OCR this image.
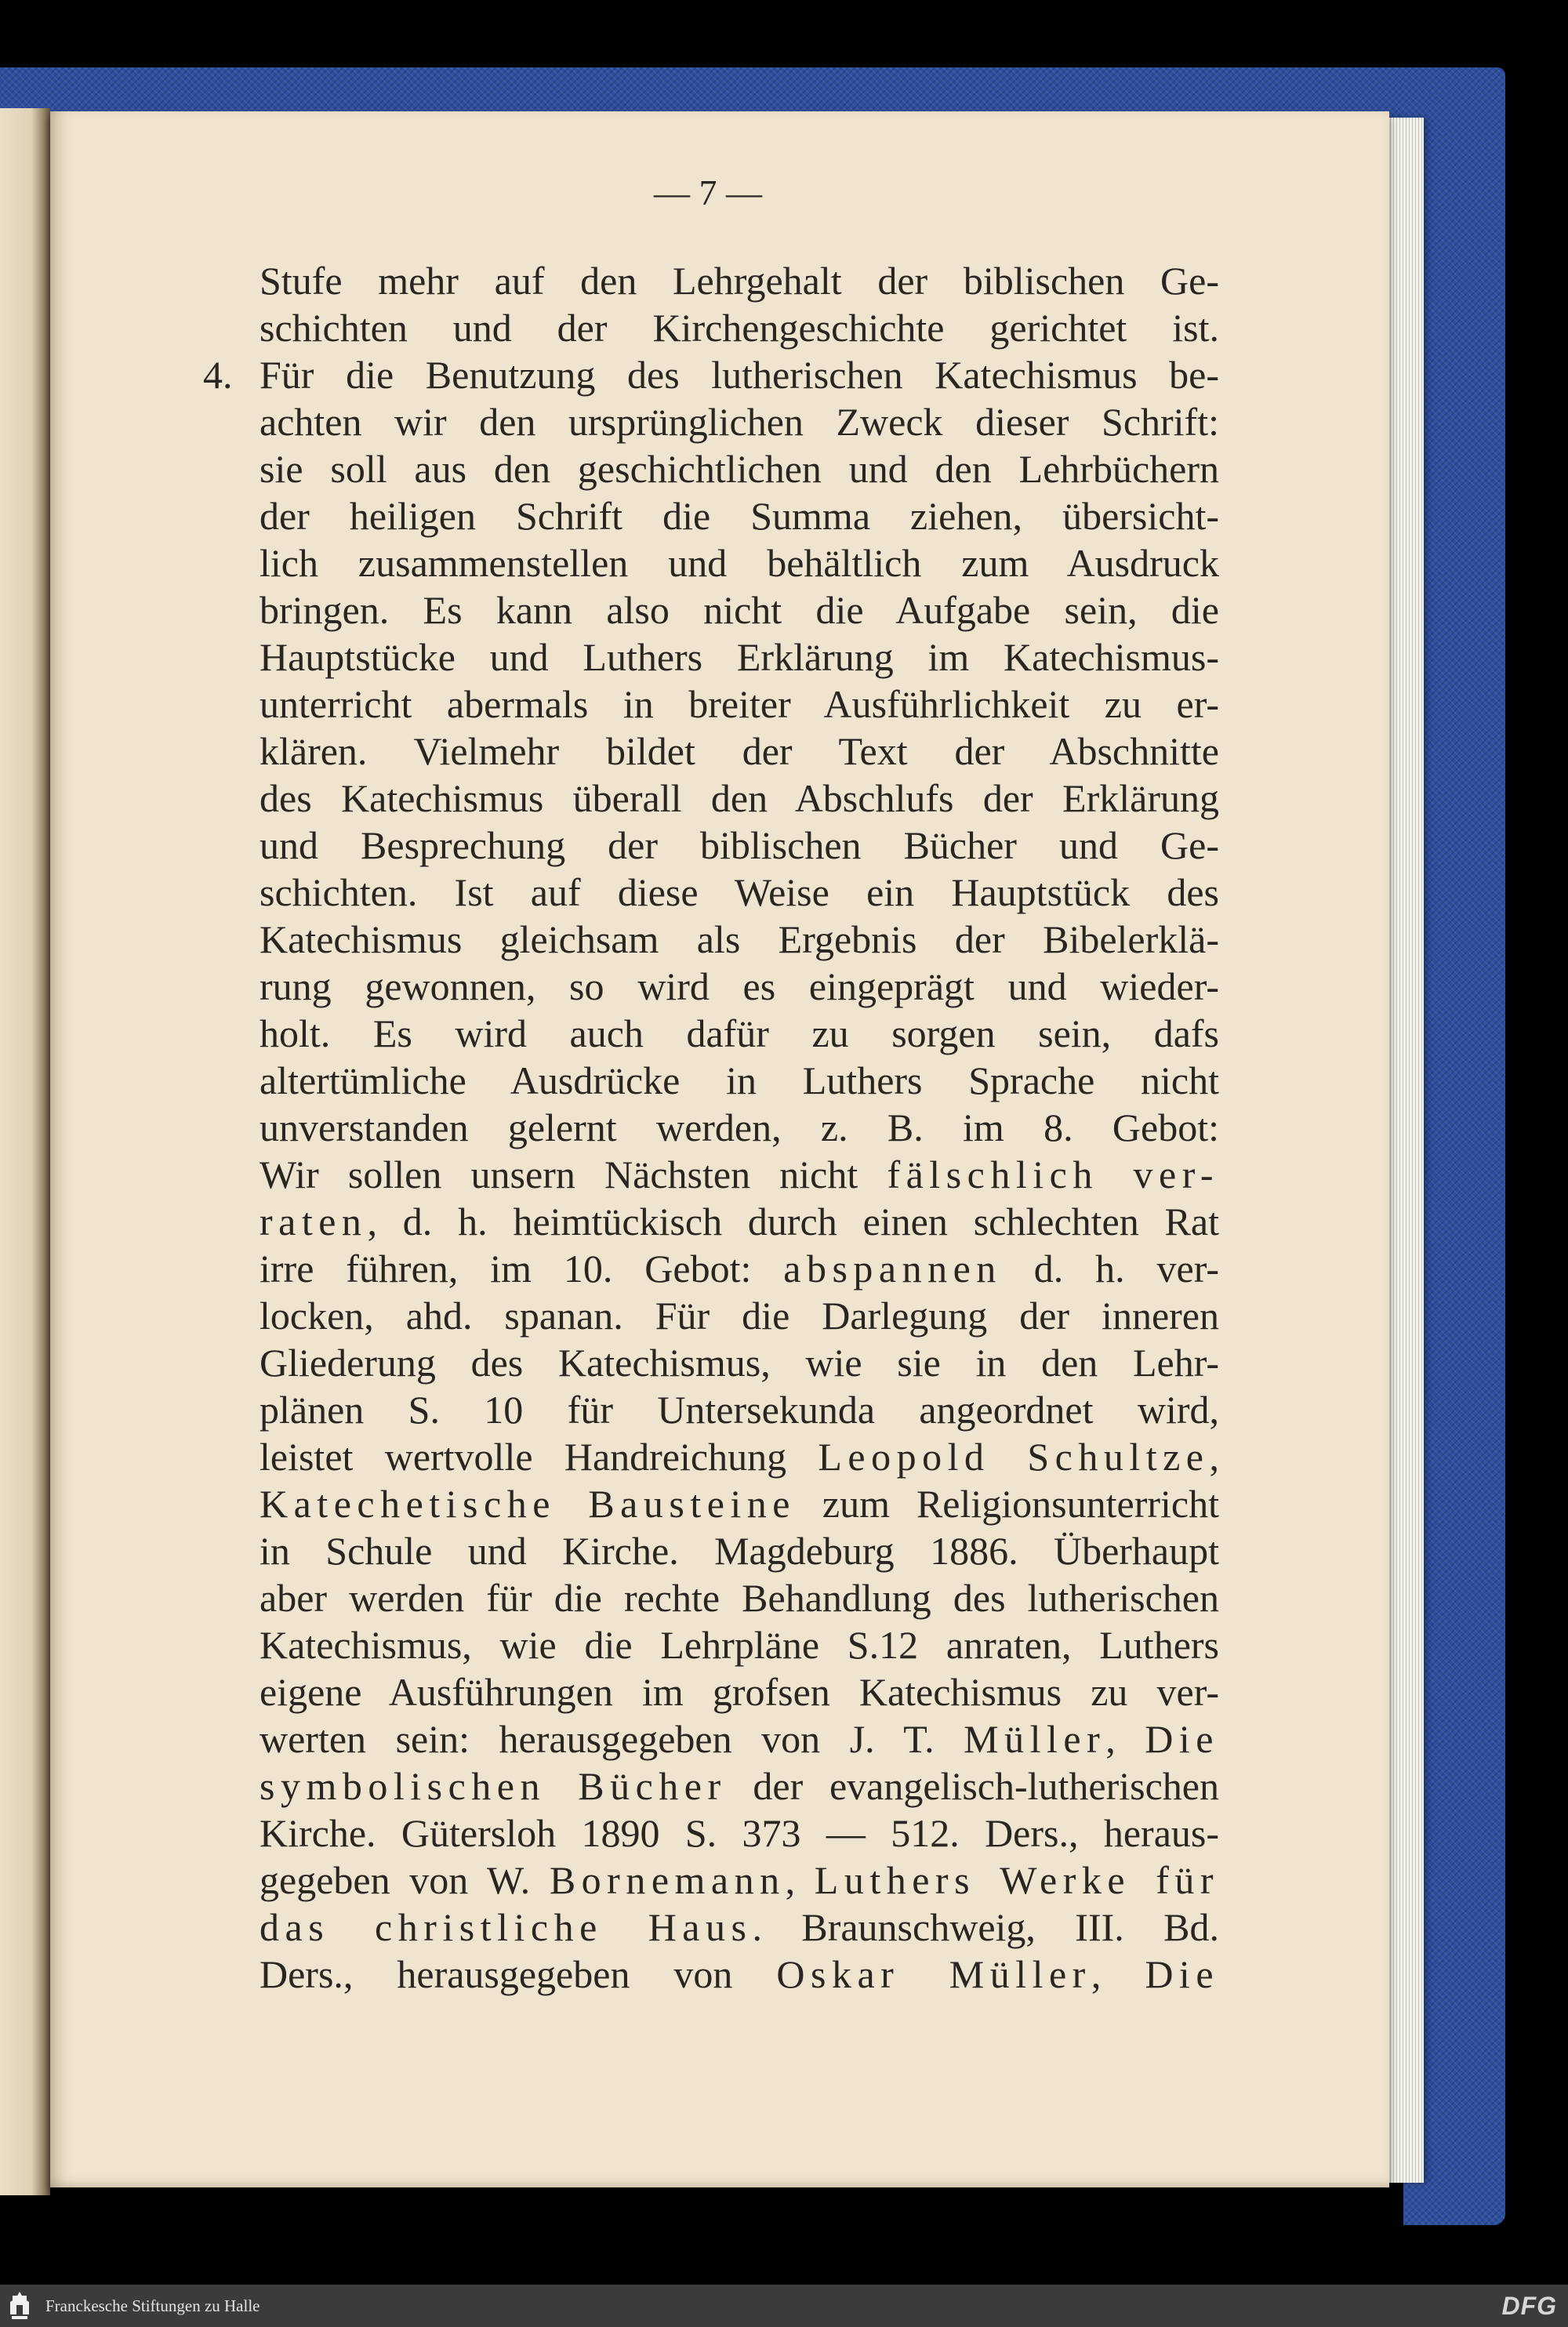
— 7 —
4.
Stufe mehr auf den Lehrgehalt der biblischen Ge-
schichten und der Kirchengeschichte gerichtet ist.
Für die Benutzung des lutherischen Katechismus be-
achten wir den ursprünglichen Zweck dieser Schrift:
sie soll aus den geschichtlichen und den Lehrbüchern
der heiligen Schrift die Summa ziehen, übersicht-
lich zusammenstellen und behältlich zum Ausdruck
bringen. Es kann also nicht die Aufgabe sein, die
Hauptstücke und Luthers Erklärung im Katechismus-
unterricht abermals in breiter Ausführlichkeit zu er-
klären. Vielmehr bildet der Text der Abschnitte
des Katechismus überall den Abschlufs der Erklärung
und Besprechung der biblischen Bücher und Ge-
schichten. Ist auf diese Weise ein Hauptstück des
Katechismus gleichsam als Ergebnis der Bibelerklä-
rung gewonnen, so wird es eingeprägt und wieder-
holt. Es wird auch dafür zu sorgen sein, dafs
altertümliche Ausdrücke in Luthers Sprache nicht
unverstanden gelernt werden, z. B. im 8. Gebot:
Wir sollen unsern Nächsten nicht fälschlich ver-
raten, d. h. heimtückisch durch einen schlechten Rat
irre führen, im 10. Gebot: abspannen d. h. ver-
locken, ahd. spanan. Für die Darlegung der inneren
Gliederung des Katechismus, wie sie in den Lehr-
plänen S. 10 für Untersekunda angeordnet wird,
leistet wertvolle Handreichung Leopold Schultze,
Katechetische Bausteine zum Religionsunterricht
in Schule und Kirche. Magdeburg 1886. Überhaupt
aber werden für die rechte Behandlung des lutherischen
Katechismus, wie die Lehrpläne S.12 anraten, Luthers
eigene Ausführungen im grofsen Katechismus zu ver-
werten sein: herausgegeben von J. T. Müller, Die
symbolischen Bücher der evangelisch-lutherischen
Kirche. Gütersloh 1890 S. 373 — 512. Ders., heraus-
gegeben von W. Bornemann, Luthers Werke für
das christliche Haus. Braunschweig, III. Bd.
Ders., herausgegeben von Oskar Müller, Die
Franckesche Stiftungen zu Halle	DFG
